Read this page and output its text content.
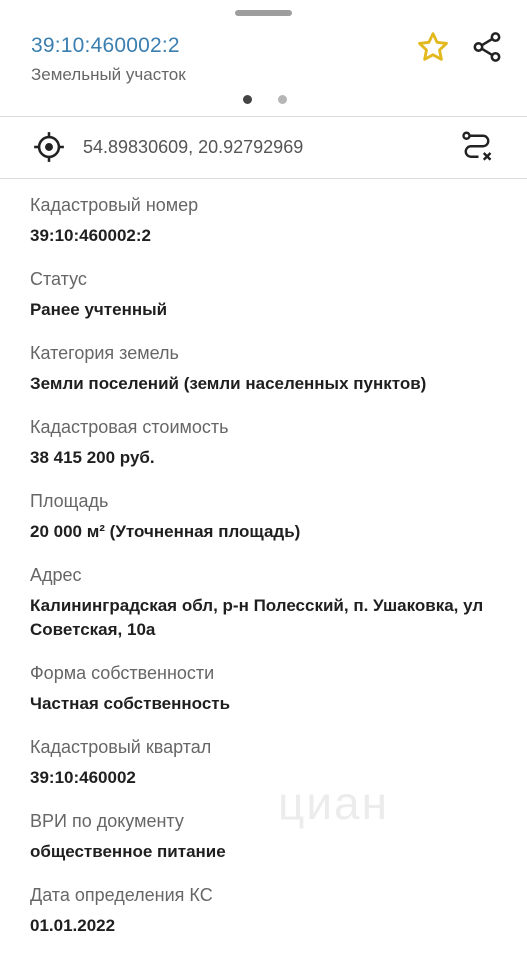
39:10:460002:2
Земельный участок
54.89830609, 20.92792969
Кадастровый номер
39:10:460002:2
Статус
Ранее учтенный
Категория земель
Земли поселений (земли населенных пунктов)
Кадастровая стоимость
38 415 200 руб.
Площадь
20 000 м² (Уточненная площадь)
Адрес
Калининградская обл, р-н Полесский, п. Ушаковка, ул Советская, 10а
Форма собственности
Частная собственность
Кадастровый квартал
39:10:460002
ВРИ по документу
общественное питание
Дата определения КС
01.01.2022
циан
